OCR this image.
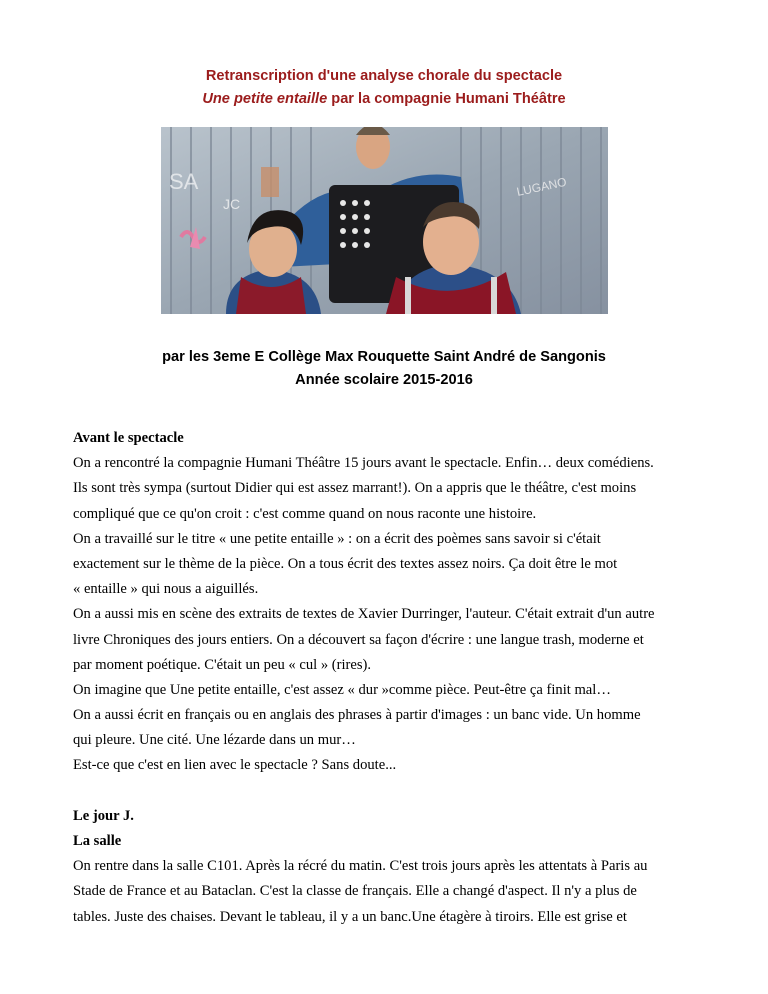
Retranscription d'une analyse chorale du spectacle
Une petite entaille par la compagnie Humani Théâtre
SA
JC
LUGANO
par les 3eme E Collège Max Rouquette Saint André de Sangonis
Année scolaire 2015-2016
Avant le spectacle
On a rencontré la compagnie Humani Théâtre 15 jours avant le spectacle. Enfin… deux comédiens.
Ils sont très sympa (surtout Didier qui est assez marrant!). On a appris que le théâtre, c'est moins
compliqué que ce qu'on croit : c'est comme quand on nous raconte une histoire.
On a travaillé sur le titre « une petite entaille » : on a écrit des poèmes sans savoir si c'était
exactement sur le thème de la pièce. On a tous écrit des textes assez noirs. Ça doit être le mot
« entaille » qui nous a aiguillés.
On a aussi mis en scène des extraits de textes de Xavier Durringer, l'auteur. C'était extrait d'un autre
livre Chroniques des jours entiers. On a découvert sa façon d'écrire : une langue trash, moderne et
par moment poétique. C'était un peu « cul » (rires).
On imagine que Une petite entaille, c'est assez « dur »comme pièce. Peut-être ça finit mal…
On a aussi écrit en français ou en anglais des phrases à partir d'images : un banc vide. Un homme
qui pleure. Une cité. Une lézarde dans un mur…
Est-ce que c'est en lien avec le spectacle ? Sans doute...
Le jour J.
La salle
On rentre dans la salle C101. Après la récré du matin. C'est trois jours après les attentats à Paris au
Stade de France et au Bataclan. C'est la classe de français. Elle a changé d'aspect. Il n'y a plus de
tables. Juste des chaises. Devant le tableau, il y a un banc.Une étagère à tiroirs. Elle est grise et
